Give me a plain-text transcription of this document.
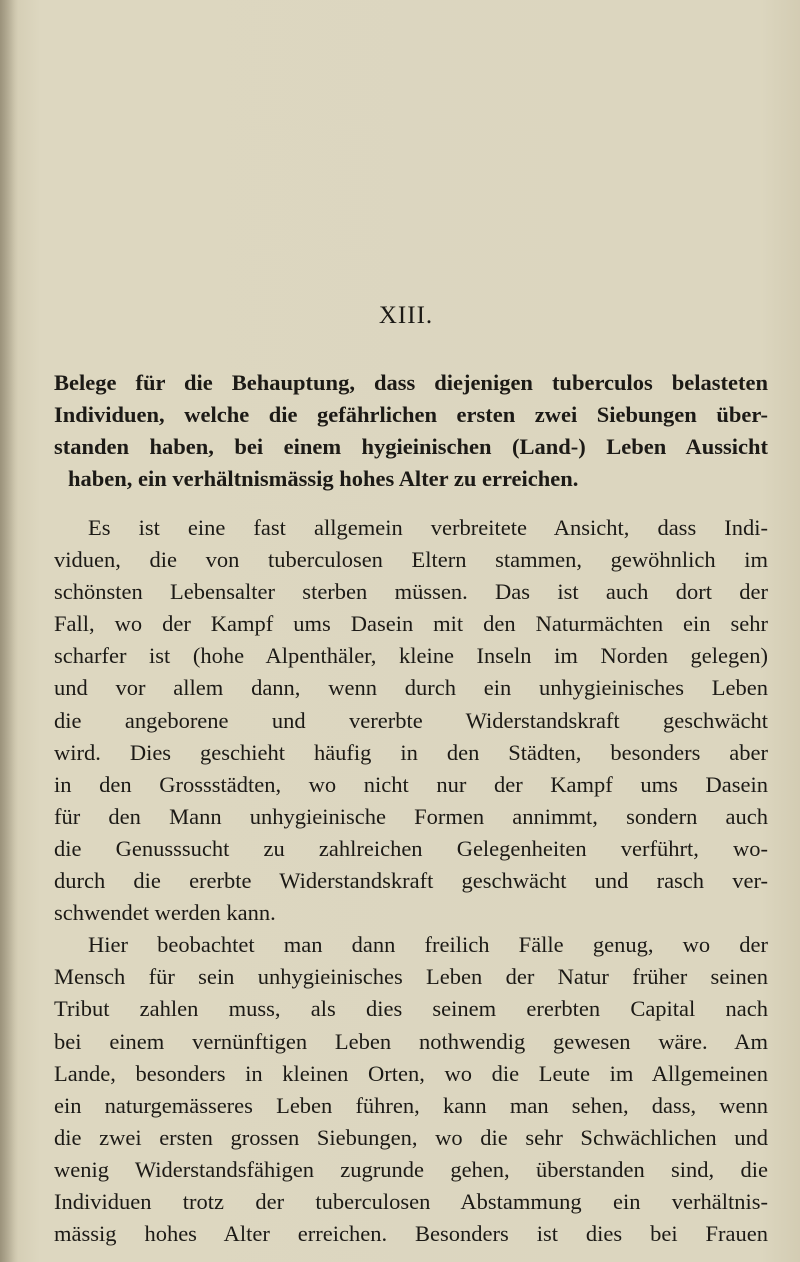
XIII.
Belege für die Behauptung, dass diejenigen tuberculos belasteten
Individuen, welche die gefährlichen ersten zwei Siebungen über-
standen haben, bei einem hygieinischen (Land-) Leben Aussicht
haben, ein verhältnismässig hohes Alter zu erreichen.
Es ist eine fast allgemein verbreitete Ansicht, dass Indi-
viduen, die von tuberculosen Eltern stammen, gewöhnlich im
schönsten Lebensalter sterben müssen. Das ist auch dort der
Fall, wo der Kampf ums Dasein mit den Naturmächten ein sehr
scharfer ist (hohe Alpenthäler, kleine Inseln im Norden gelegen)
und vor allem dann, wenn durch ein unhygieinisches Leben
die angeborene und vererbte Widerstandskraft geschwächt
wird. Dies geschieht häufig in den Städten, besonders aber
in den Grossstädten, wo nicht nur der Kampf ums Dasein
für den Mann unhygieinische Formen annimmt, sondern auch
die Genusssucht zu zahlreichen Gelegenheiten verführt, wo-
durch die ererbte Widerstandskraft geschwächt und rasch ver-
schwendet werden kann.
Hier beobachtet man dann freilich Fälle genug, wo der
Mensch für sein unhygieinisches Leben der Natur früher seinen
Tribut zahlen muss, als dies seinem ererbten Capital nach
bei einem vernünftigen Leben nothwendig gewesen wäre. Am
Lande, besonders in kleinen Orten, wo die Leute im Allgemeinen
ein naturgemässeres Leben führen, kann man sehen, dass, wenn
die zwei ersten grossen Siebungen, wo die sehr Schwächlichen und
wenig Widerstandsfähigen zugrunde gehen, überstanden sind, die
Individuen trotz der tuberculosen Abstammung ein verhältnis-
mässig hohes Alter erreichen. Besonders ist dies bei Frauen
